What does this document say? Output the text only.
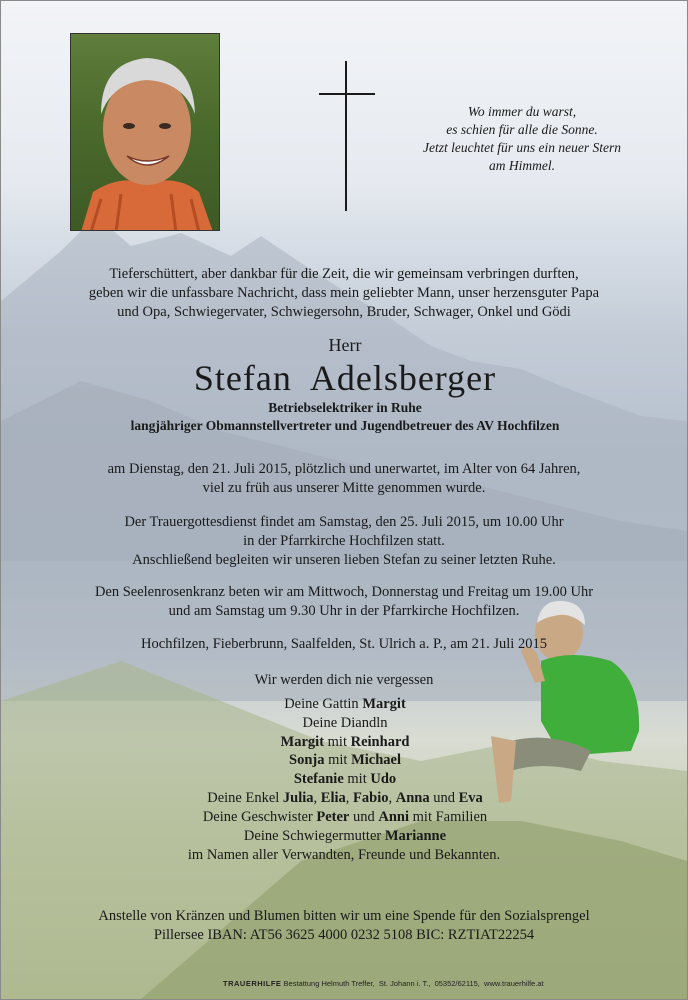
Wo immer du warst,
es schien für alle die Sonne.
Jetzt leuchtet für uns ein neuer Stern
am Himmel.
Tieferschüttert, aber dankbar für die Zeit, die wir gemeinsam verbringen durften,
geben wir die unfassbare Nachricht, dass mein geliebter Mann, unser herzensguter Papa
und Opa, Schwiegervater, Schwiegersohn, Bruder, Schwager, Onkel und Gödi
Herr
Stefan  Adelsberger
Betriebselektriker in Ruhe
langjähriger Obmannstellvertreter und Jugendbetreuer des AV Hochfilzen
am Dienstag, den 21. Juli 2015, plötzlich und unerwartet, im Alter von 64 Jahren,
viel zu früh aus unserer Mitte genommen wurde.
Der Trauergottesdienst findet am Samstag, den 25. Juli 2015, um 10.00 Uhr
in der Pfarrkirche Hochfilzen statt.
Anschließend begleiten wir unseren lieben Stefan zu seiner letzten Ruhe.
Den Seelenrosenkranz beten wir am Mittwoch, Donnerstag und Freitag um 19.00 Uhr
und am Samstag um 9.30 Uhr in der Pfarrkirche Hochfilzen.
Hochfilzen, Fieberbrunn, Saalfelden, St. Ulrich a. P., am 21. Juli 2015
Wir werden dich nie vergessen
Deine Gattin Margit
Deine Diandln
Margit mit Reinhard
Sonja mit Michael
Stefanie mit Udo
Deine Enkel Julia, Elia, Fabio, Anna und Eva
Deine Geschwister Peter und Anni mit Familien
Deine Schwiegermutter Marianne
im Namen aller Verwandten, Freunde und Bekannten.
Anstelle von Kränzen und Blumen bitten wir um eine Spende für den Sozialsprengel
Pillersee IBAN: AT56 3625 4000 0232 5108 BIC: RZTIAT22254
TRAUERHILFE Bestattung Helmuth Treffer,  St. Johann i. T.,  05352/62115,  www.trauerhilfe.at
